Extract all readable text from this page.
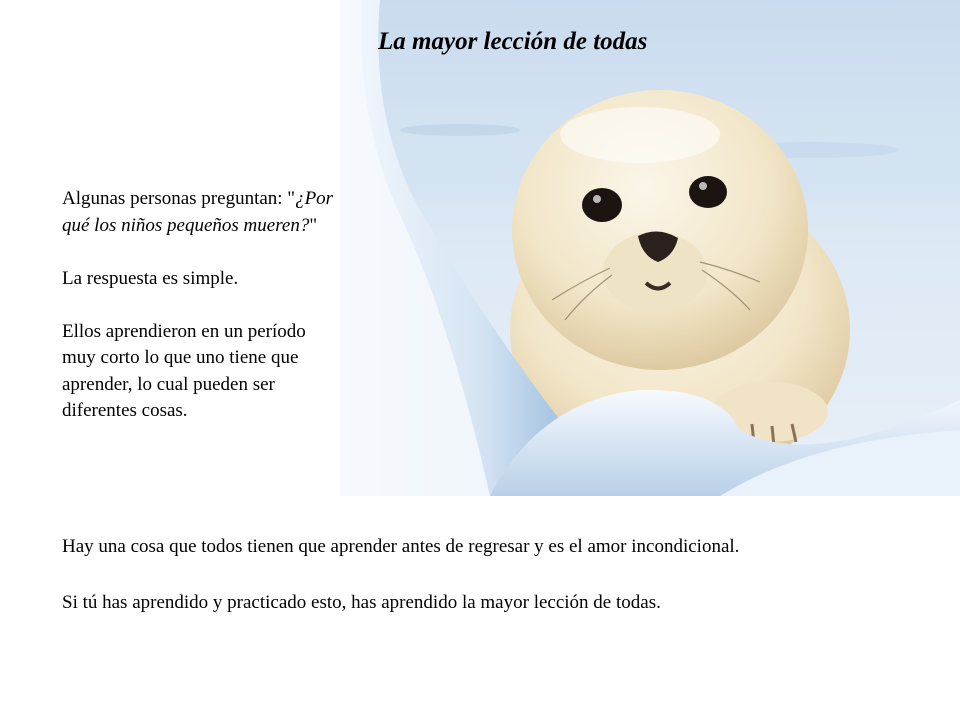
La mayor lección de todas

Algunas personas preguntan: "¿Por qué los niños pequeños mueren?"

La respuesta es simple.

Ellos aprendieron en un período muy corto lo que uno tiene que aprender, lo cual pueden ser diferentes cosas.

Hay una cosa que todos tienen que aprender antes de regresar y es el amor incondicional.
Si tú has aprendido y practicado esto, has aprendido la mayor lección de todas.
